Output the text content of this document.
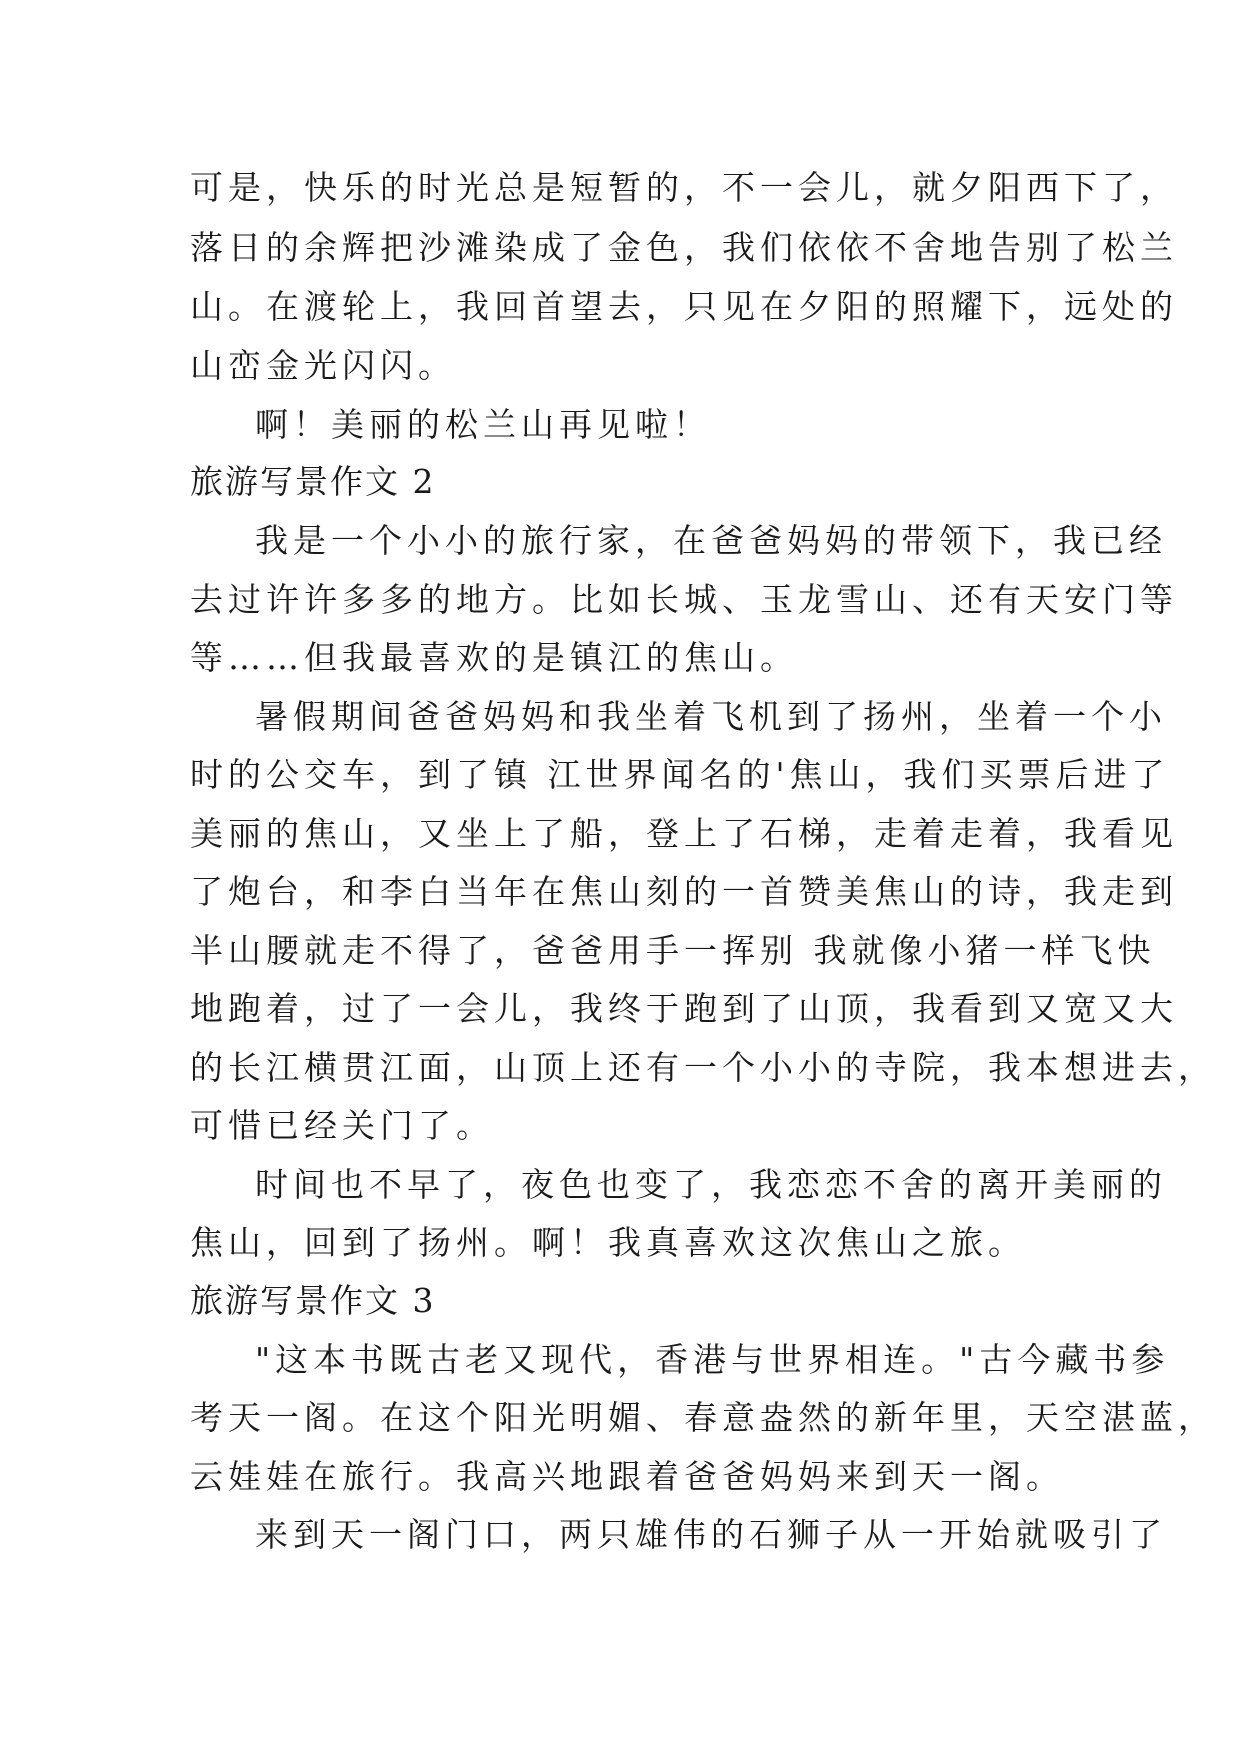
可是，快乐的时光总是短暂的，不一会儿，就夕阳西下了，
落日的余辉把沙滩染成了金色，我们依依不舍地告别了松兰
山。在渡轮上，我回首望去，只见在夕阳的照耀下，远处的
山峦金光闪闪。
啊！美丽的松兰山再见啦！
旅游写景作文 2
我是一个小小的旅行家，在爸爸妈妈的带领下，我已经
去过许许多多的地方。比如长城、玉龙雪山、还有天安门等
等……但我最喜欢的是镇江的焦山。
暑假期间爸爸妈妈和我坐着飞机到了扬州，坐着一个小
时的公交车，到了镇 江世界闻名的'焦山，我们买票后进了
美丽的焦山，又坐上了船，登上了石梯，走着走着，我看见
了炮台，和李白当年在焦山刻的一首赞美焦山的诗，我走到
半山腰就走不得了，爸爸用手一挥别 我就像小猪一样飞快
地跑着，过了一会儿，我终于跑到了山顶，我看到又宽又大
的长江横贯江面，山顶上还有一个小小的寺院，我本想进去，
可惜已经关门了。
时间也不早了，夜色也变了，我恋恋不舍的离开美丽的
焦山，回到了扬州。啊！我真喜欢这次焦山之旅。
旅游写景作文 3
"这本书既古老又现代，香港与世界相连。"古今藏书参
考天一阁。在这个阳光明媚、春意盎然的新年里，天空湛蓝，
云娃娃在旅行。我高兴地跟着爸爸妈妈来到天一阁。
来到天一阁门口，两只雄伟的石狮子从一开始就吸引了
